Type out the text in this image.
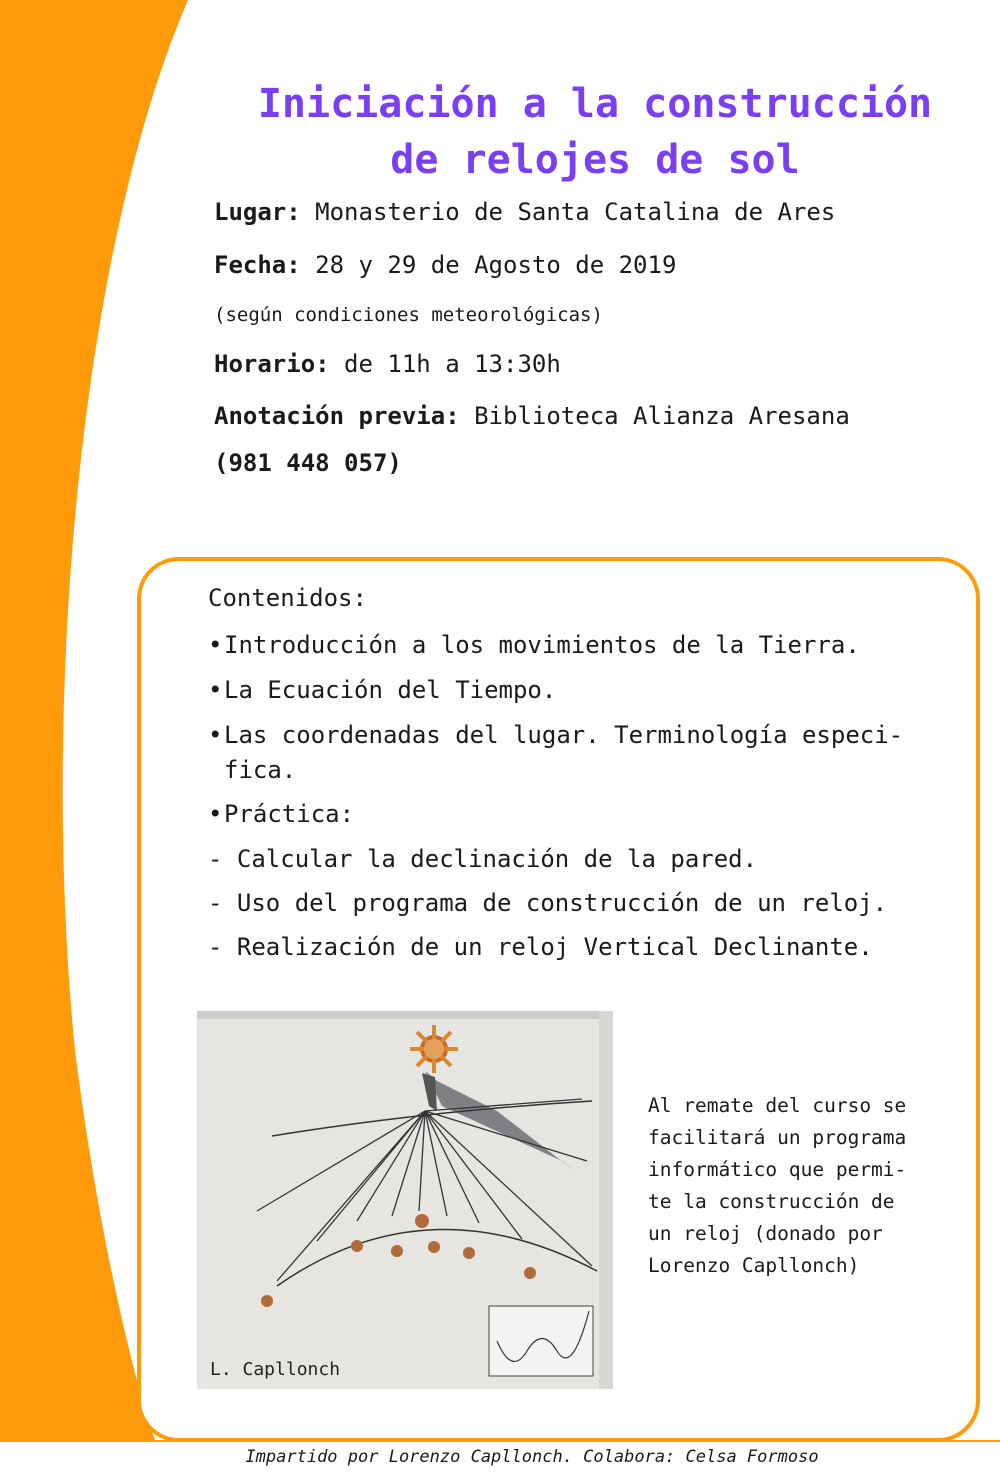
Iniciación a la construcción
de relojes de sol
Lugar: Monasterio de Santa Catalina de Ares
Fecha: 28 y 29 de Agosto de 2019
(según condiciones meteorológicas)
Horario: de 11h a 13:30h
Anotación previa: Biblioteca Alianza Aresana
(981 448 057)
Contenidos:
•Introducción a los movimientos de la Tierra.
•La Ecuación del Tiempo.
•Las coordenadas del lugar. Terminología especi-
fica.
•Práctica:
- Calcular la declinación de la pared.
- Uso del programa de construcción de un reloj.
- Realización de un reloj Vertical Declinante.
L. Capllonch
Al remate del curso se
facilitará un programa
informático que permi-
te la construcción de
un reloj (donado por
Lorenzo Capllonch)
Impartido por Lorenzo Capllonch. Colabora: Celsa Formoso
